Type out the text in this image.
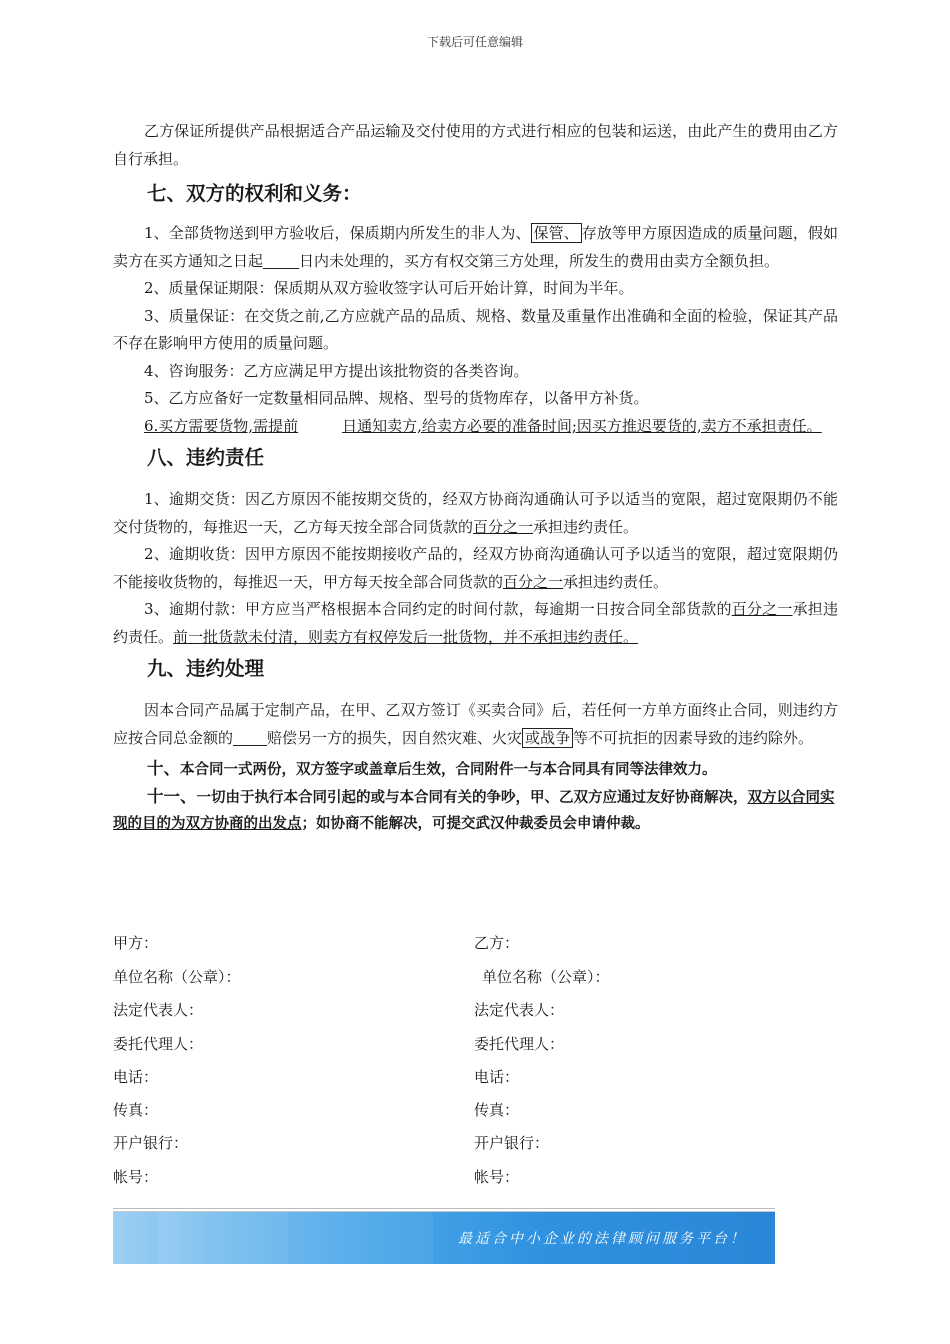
下载后可任意编辑

乙方保证所提供产品根据适合产品运输及交付使用的方式进行相应的包装和运送，由此产生的费用由乙方自行承担。

七、双方的权利和义务：

1、全部货物送到甲方验收后，保质期内所发生的非人为、 保管、 存放等甲方原因造成的质量问题，假如卖方在买方通知之日起 日内未处理的，买方有权交第三方处理，所发生的费用由卖方全额负担。

2、质量保证期限：保质期从双方验收签字认可后开始计算，时间为半年。

3、质量保证：在交货之前,乙方应就产品的品质、规格、数量及重量作出准确和全面的检验，保证其产品不存在影响甲方使用的质量问题。

4、咨询服务：乙方应满足甲方提出该批物资的各类咨询。

5、乙方应备好一定数量相同品牌、规格、型号的货物库存，以备甲方补货。

6.买方需要货物,需提前	日通知卖方,给卖方必要的准备时间;因买方推迟要货的,卖方不承担责任。

八、违约责任

1、逾期交货：因乙方原因不能按期交货的，经双方协商沟通确认可予以适当的宽限，超过宽限期仍不能交付货物的，每推迟一天，乙方每天按全部合同货款的百分之一承担违约责任。

2、逾期收货：因甲方原因不能按期接收产品的，经双方协商沟通确认可予以适当的宽限，超过宽限期仍不能接收货物的，每推迟一天，甲方每天按全部合同货款的百分之一承担违约责任。

3、逾期付款：甲方应当严格根据本合同约定的时间付款，每逾期一日按合同全部货款的百分之一承担违约责任。前一批货款未付清，则卖方有权停发后一批货物，并不承担违约责任。

九、违约处理

因本合同产品属于定制产品，在甲、乙双方签订《买卖合同》后，若任何一方单方面终止合同，则违约方应按合同总金额的 赔偿另一方的损失，因自然灾难、火灾 或战争 等不可抗拒的因素导致的违约除外。

十、本合同一式两份，双方签字或盖章后生效，合同附件一与本合同具有同等法律效力。

十一、一切由于执行本合同引起的或与本合同有关的争吵，甲、乙双方应通过友好协商解决，双方以合同实现的目的为双方协商的出发点；如协商不能解决，可提交武汉仲裁委员会申请仲裁。

甲方：	乙方：
单位名称（公章）：	单位名称（公章）：
法定代表人：	法定代表人：
委托代理人：	委托代理人：
电话：	电话：
传真：	传真：
开户银行：	开户银行：
帐号：	帐号：
最适合中小企业的法律顾问服务平台！
